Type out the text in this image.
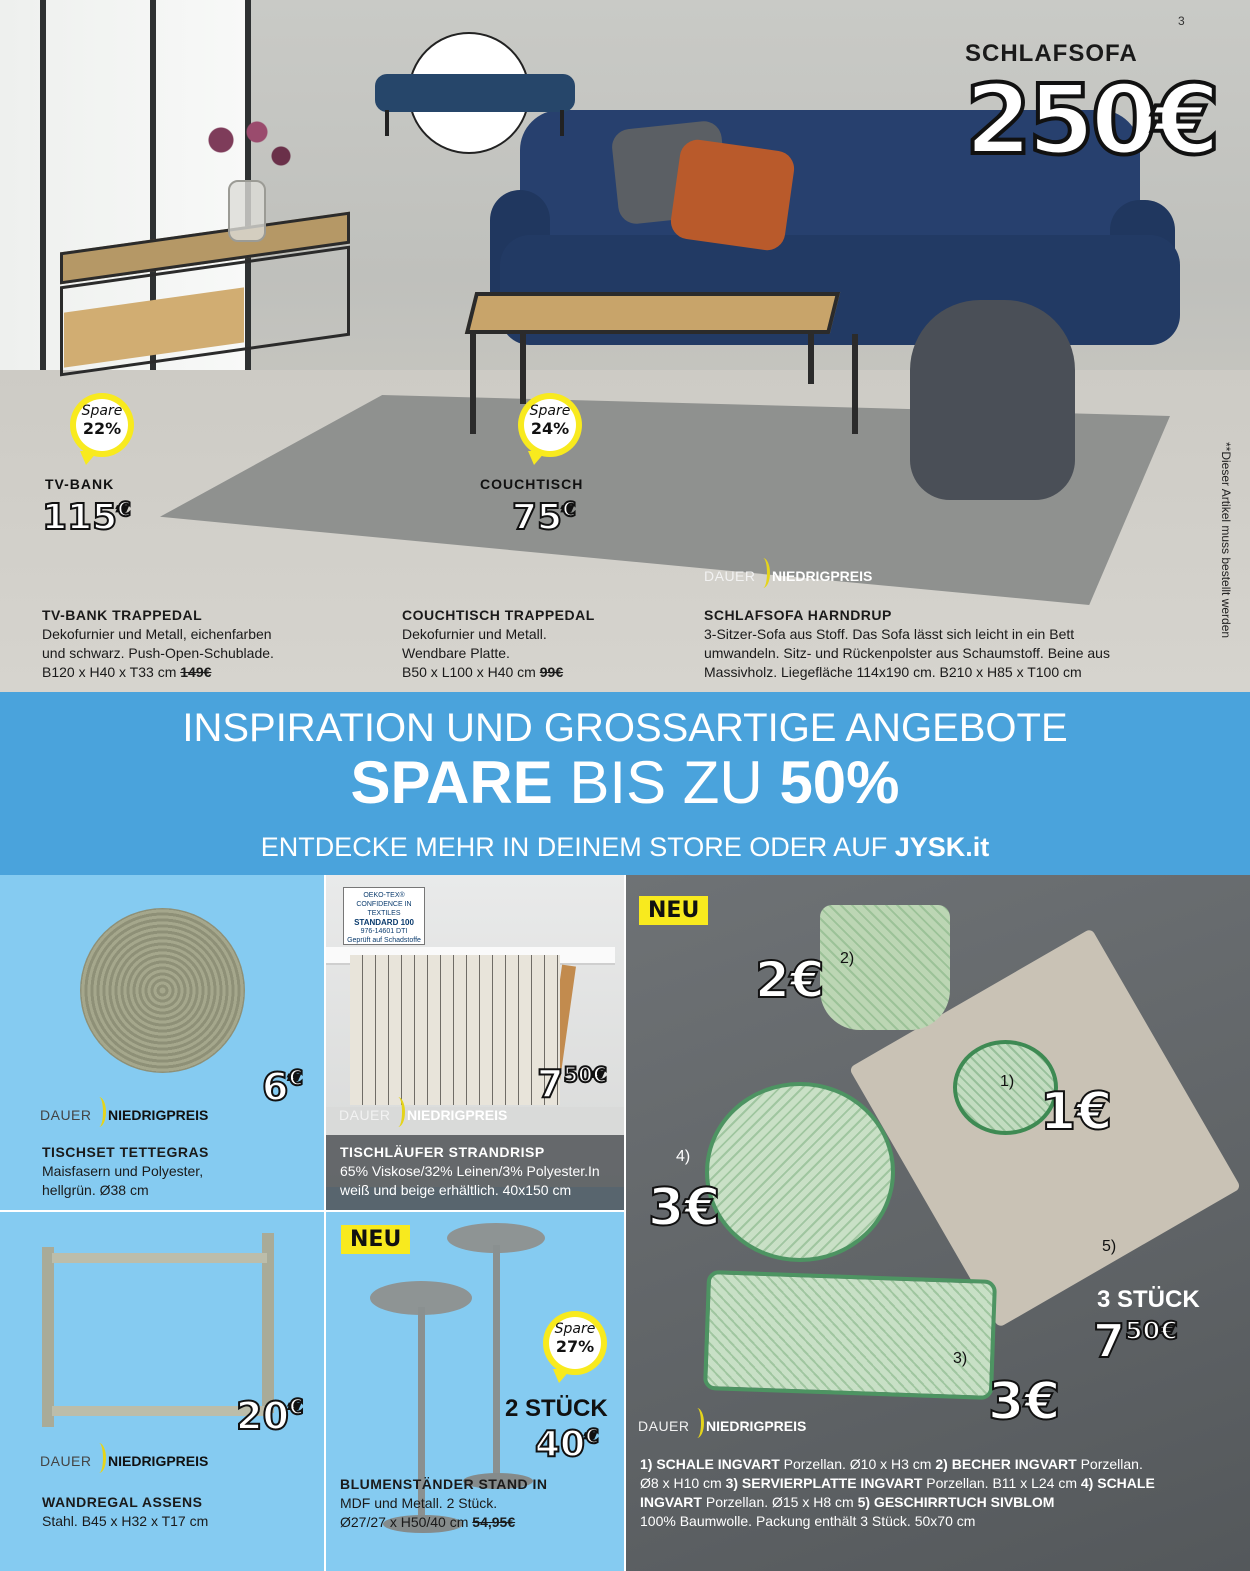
3
SCHLAFSOFA
250€
Spare
22%
TV-BANK
115€
Spare
24%
COUCHTISCH
75€
DAUER NIEDRIGPREIS
TV-BANK TRAPPEDAL
Dekofurnier und Metall, eichenfarben
und schwarz. Push-Open-Schublade.
B120 x H40 x T33 cm 149€
COUCHTISCH TRAPPEDAL
Dekofurnier und Metall.
Wendbare Platte.
B50 x L100 x H40 cm 99€
SCHLAFSOFA HARNDRUP
3-Sitzer-Sofa aus Stoff. Das Sofa lässt sich leicht in ein Bett
umwandeln. Sitz- und Rückenpolster aus Schaumstoff. Beine aus
Massivholz. Liegefläche 114x190 cm. B210 x H85 x T100 cm
**Dieser Artikel muss bestellt werden
INSPIRATION UND GROSSARTIGE ANGEBOTE
SPARE BIS ZU 50%
ENTDECKE MEHR IN DEINEM STORE ODER AUF JYSK.it
6€
DAUER NIEDRIGPREIS
TISCHSET TETTEGRAS
Maisfasern und Polyester,
hellgrün. Ø38 cm
OEKO-TEX®
CONFIDENCE IN TEXTILES
STANDARD 100
976-14601 DTI
Geprüft auf Schadstoffe
$7^{50€}$
DAUER NIEDRIGPREIS
TISCHLÄUFER STRANDRISP
65% Viskose/32% Leinen/3% Polyester.In
weiß und beige erhältlich. 40x150 cm
20€
DAUER NIEDRIGPREIS
WANDREGAL ASSENS
Stahl. B45 x H32 x T17 cm
NEU
Spare
27%
2 STÜCK
40€
BLUMENSTÄNDER STAND IN
MDF und Metall. 2 Stück.
Ø27/27 x H50/40 cm 54,95€
NEU
2€ 2)
1)
1€
4)
3€
5)
3 STÜCK
$7^{50€}$
3)
3€
DAUER NIEDRIGPREIS
1) SCHALE INGVART Porzellan. Ø10 x H3 cm 2) BECHER INGVART Porzellan.
Ø8 x H10 cm 3) SERVIERPLATTE INGVART Porzellan. B11 x L24 cm 4) SCHALE
INGVART Porzellan. Ø15 x H8 cm 5) GESCHIRRTUCH SIVBLOM
100% Baumwolle. Packung enthält 3 Stück. 50x70 cm
